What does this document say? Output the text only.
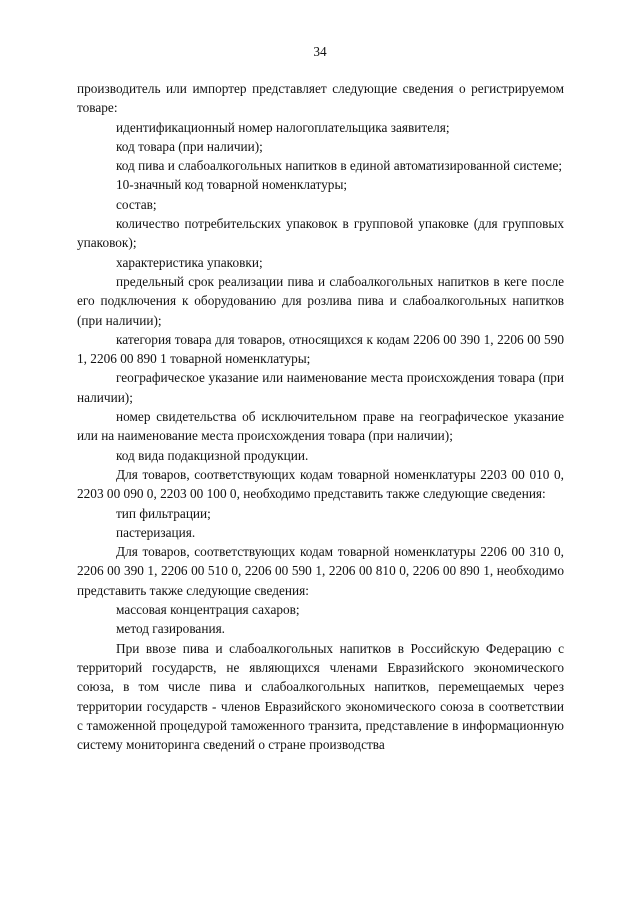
34

производитель или импортер представляет следующие сведения о регистрируемом товаре:

идентификационный номер налогоплательщика заявителя;

код товара (при наличии);

код пива и слабоалкогольных напитков в единой автоматизированной системе;

10-значный код товарной номенклатуры;

состав;

количество потребительских упаковок в групповой упаковке (для групповых упаковок);

характеристика упаковки;

предельный срок реализации пива и слабоалкогольных напитков в кеге после его подключения к оборудованию для розлива пива и слабоалкогольных напитков (при наличии);

категория товара для товаров, относящихся к кодам 2206 00 390 1, 2206 00 590 1, 2206 00 890 1 товарной номенклатуры;

географическое указание или наименование места происхождения товара (при наличии);

номер свидетельства об исключительном праве на географическое указание или на наименование места происхождения товара (при наличии);

код вида подакцизной продукции.

Для товаров, соответствующих кодам товарной номенклатуры 2203 00 010 0, 2203 00 090 0, 2203 00 100 0, необходимо представить также следующие сведения:

тип фильтрации;

пастеризация.

Для товаров, соответствующих кодам товарной номенклатуры 2206 00 310 0, 2206 00 390 1, 2206 00 510 0, 2206 00 590 1, 2206 00 810 0, 2206 00 890 1, необходимо представить также следующие сведения:

массовая концентрация сахаров;

метод газирования.

При ввозе пива и слабоалкогольных напитков в Российскую Федерацию с территорий государств, не являющихся членами Евразийского экономического союза, в том числе пива и слабоалкогольных напитков, перемещаемых через территории государств - членов Евразийского экономического союза в соответствии с таможенной процедурой таможенного транзита, представление в информационную систему мониторинга сведений о стране производства
